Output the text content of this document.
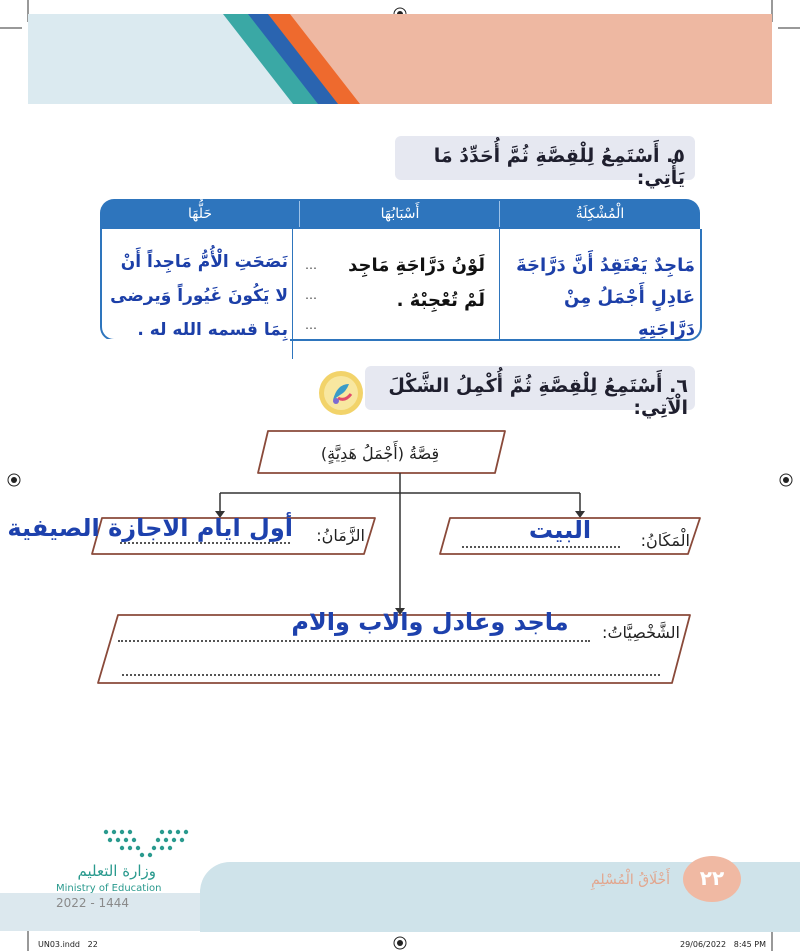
٥. أَسْتَمِعُ لِلْقِصَّةِ ثُمَّ أُحَدِّدُ مَا يَأْتِي:
الْمُشْكِلَةُ
أَسْبَابُهَا
حَلُّهَا
مَاجِدٌ يَعْتَقِدُ أَنَّ دَرَّاجَةَ عَادِلٍ أَجْمَلُ مِنْ دَرَّاجَتِهِ
لَوْنُ دَرَّاجَةِ مَاجِد
لَمْ تُعْجِبْهُ .
…
…
…
نَصَحَتِ الْأُمُّ مَاجِداً أَنْ
لا يَكُونَ غَيُوراً وَيرضى
بِمَا قسمه الله له .
٦. أَسْتَمِعُ لِلْقِصَّةِ ثُمَّ أُكْمِلُ الشَّكْلَ الْآتِي:
قِصَّةُ (أَجْمَلُ هَدِيَّةٍ)
الْمَكَانُ:
البيت
الزَّمَانُ:
أول ايام الاجازة الصيفية
الشَّخْصِيَّاتُ:
ماجد وعادل والاب والام
٢٢
أَخْلَاقُ الْمُسْلِمِ
وزارة التعليم
Ministry of Education
2022 - 1444
UN03.indd   22	29/06/2022   8:45 PM
